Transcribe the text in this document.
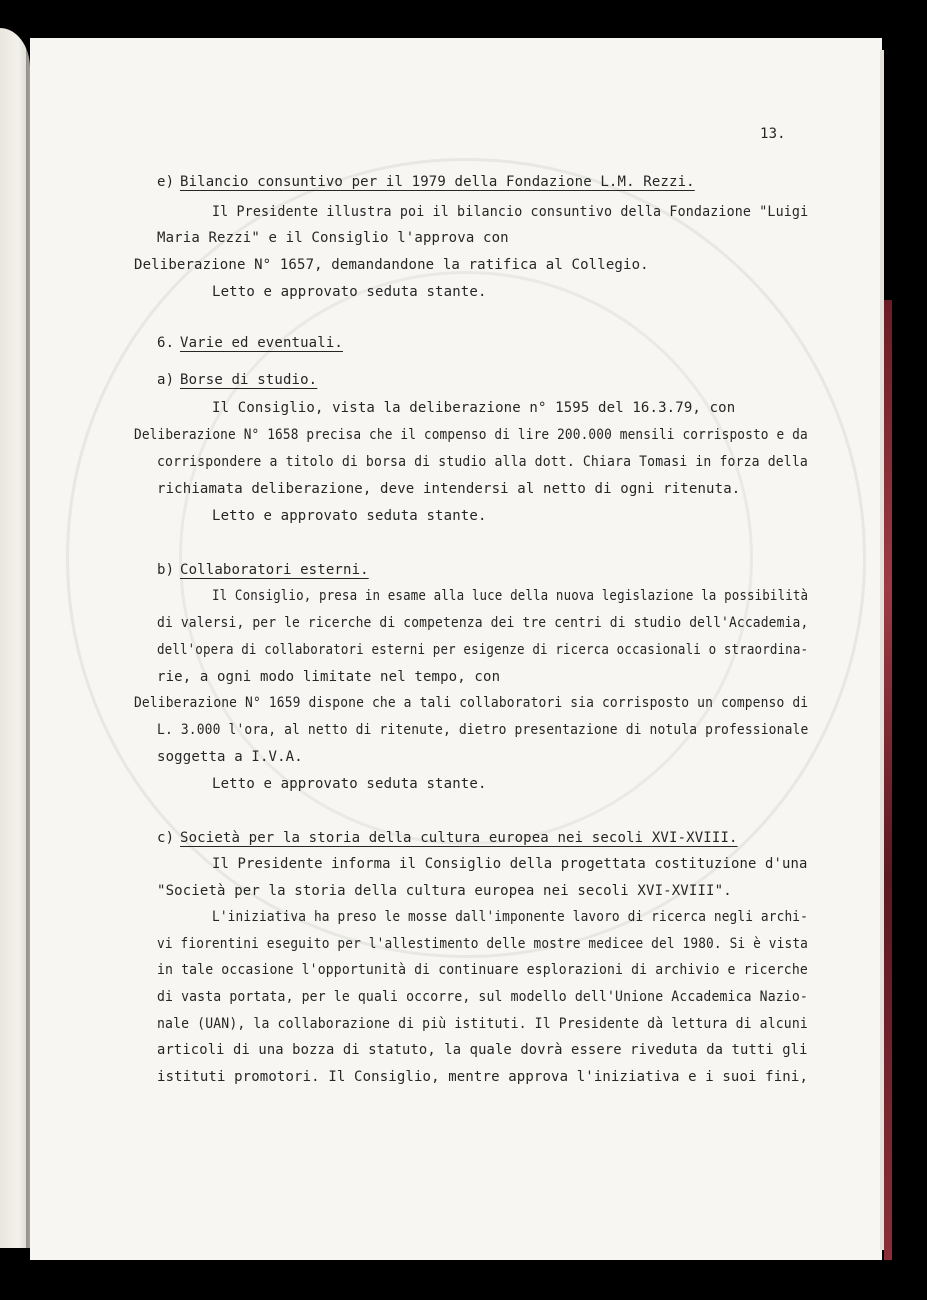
13.
e) Bilancio consuntivo per il 1979 della Fondazione L.M. Rezzi.
Il Presidente illustra poi il bilancio consuntivo della Fondazione "Luigi
Maria Rezzi" e il Consiglio l'approva con
Deliberazione N° 1657, demandandone la ratifica al Collegio.
Letto e approvato seduta stante.
6. Varie ed eventuali.
a) Borse di studio.
Il Consiglio, vista la deliberazione n° 1595 del 16.3.79, con
Deliberazione N° 1658 precisa che il compenso di lire 200.000 mensili corrisposto e da
corrispondere a titolo di borsa di studio alla dott. Chiara Tomasi in forza della
richiamata deliberazione, deve intendersi al netto di ogni ritenuta.
Letto e approvato seduta stante.
b) Collaboratori esterni.
Il Consiglio, presa in esame alla luce della nuova legislazione la possibilità
di valersi, per le ricerche di competenza dei tre centri di studio dell'Accademia,
dell'opera di collaboratori esterni per esigenze di ricerca occasionali o straordina-
rie, a ogni modo limitate nel tempo, con
Deliberazione N° 1659 dispone che a tali collaboratori sia corrisposto un compenso di
L. 3.000 l'ora, al netto di ritenute, dietro presentazione di notula professionale
soggetta a I.V.A.
Letto e approvato seduta stante.
c) Società per la storia della cultura europea nei secoli XVI-XVIII.
Il Presidente informa il Consiglio della progettata costituzione d'una
"Società per la storia della cultura europea nei secoli XVI-XVIII".
L'iniziativa ha preso le mosse dall'imponente lavoro di ricerca negli archi-
vi fiorentini eseguito per l'allestimento delle mostre medicee del 1980. Si è vista
in tale occasione l'opportunità di continuare esplorazioni di archivio e ricerche
di vasta portata, per le quali occorre, sul modello dell'Unione Accademica Nazio-
nale (UAN), la collaborazione di più istituti. Il Presidente dà lettura di alcuni
articoli di una bozza di statuto, la quale dovrà essere riveduta da tutti gli
istituti promotori. Il Consiglio, mentre approva l'iniziativa e i suoi fini,
